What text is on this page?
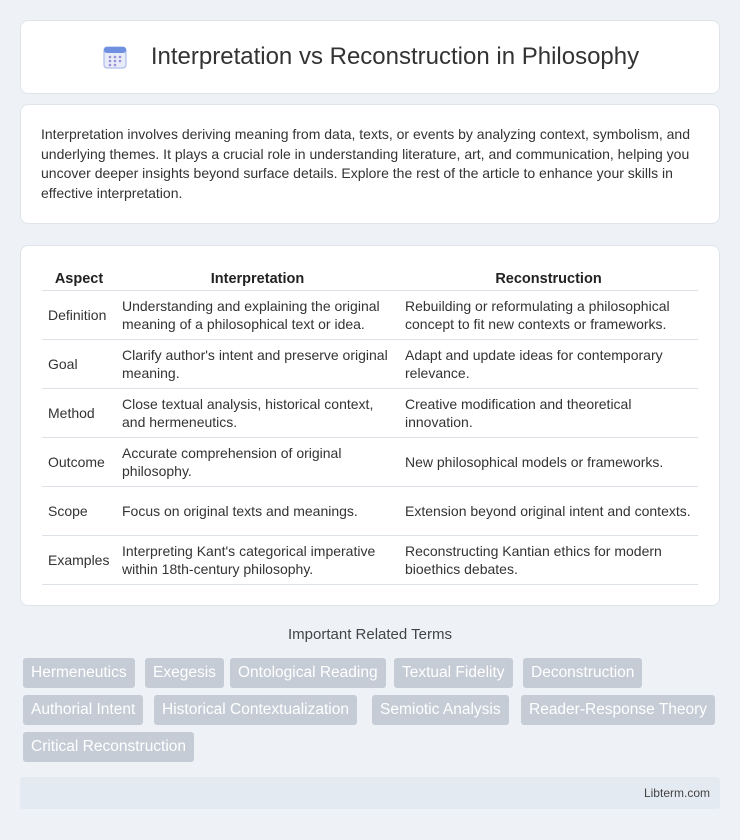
Interpretation vs Reconstruction in Philosophy

Interpretation involves deriving meaning from data, texts, or events by analyzing context, symbolism, and underlying themes. It plays a crucial role in understanding literature, art, and communication, helping you uncover deeper insights beyond surface details. Explore the rest of the article to enhance your skills in effective interpretation.

Aspect	Interpretation	Reconstruction
Definition	Understanding and explaining the original meaning of a philosophical text or idea.	Rebuilding or reformulating a philosophical concept to fit new contexts or frameworks.
Goal	Clarify author's intent and preserve original meaning.	Adapt and update ideas for contemporary relevance.
Method	Close textual analysis, historical context, and hermeneutics.	Creative modification and theoretical innovation.
Outcome	Accurate comprehension of original philosophy.	New philosophical models or frameworks.
Scope	Focus on original texts and meanings.	Extension beyond original intent and contexts.
Examples	Interpreting Kant's categorical imperative within 18th-century philosophy.	Reconstructing Kantian ethics for modern bioethics debates.
Important Related Terms
Hermeneutics	Exegesis	Ontological Reading	Textual Fidelity	Deconstruction
Authorial Intent	Historical Contextualization	Semiotic Analysis	Reader-Response Theory
Critical Reconstruction
Libterm.com
